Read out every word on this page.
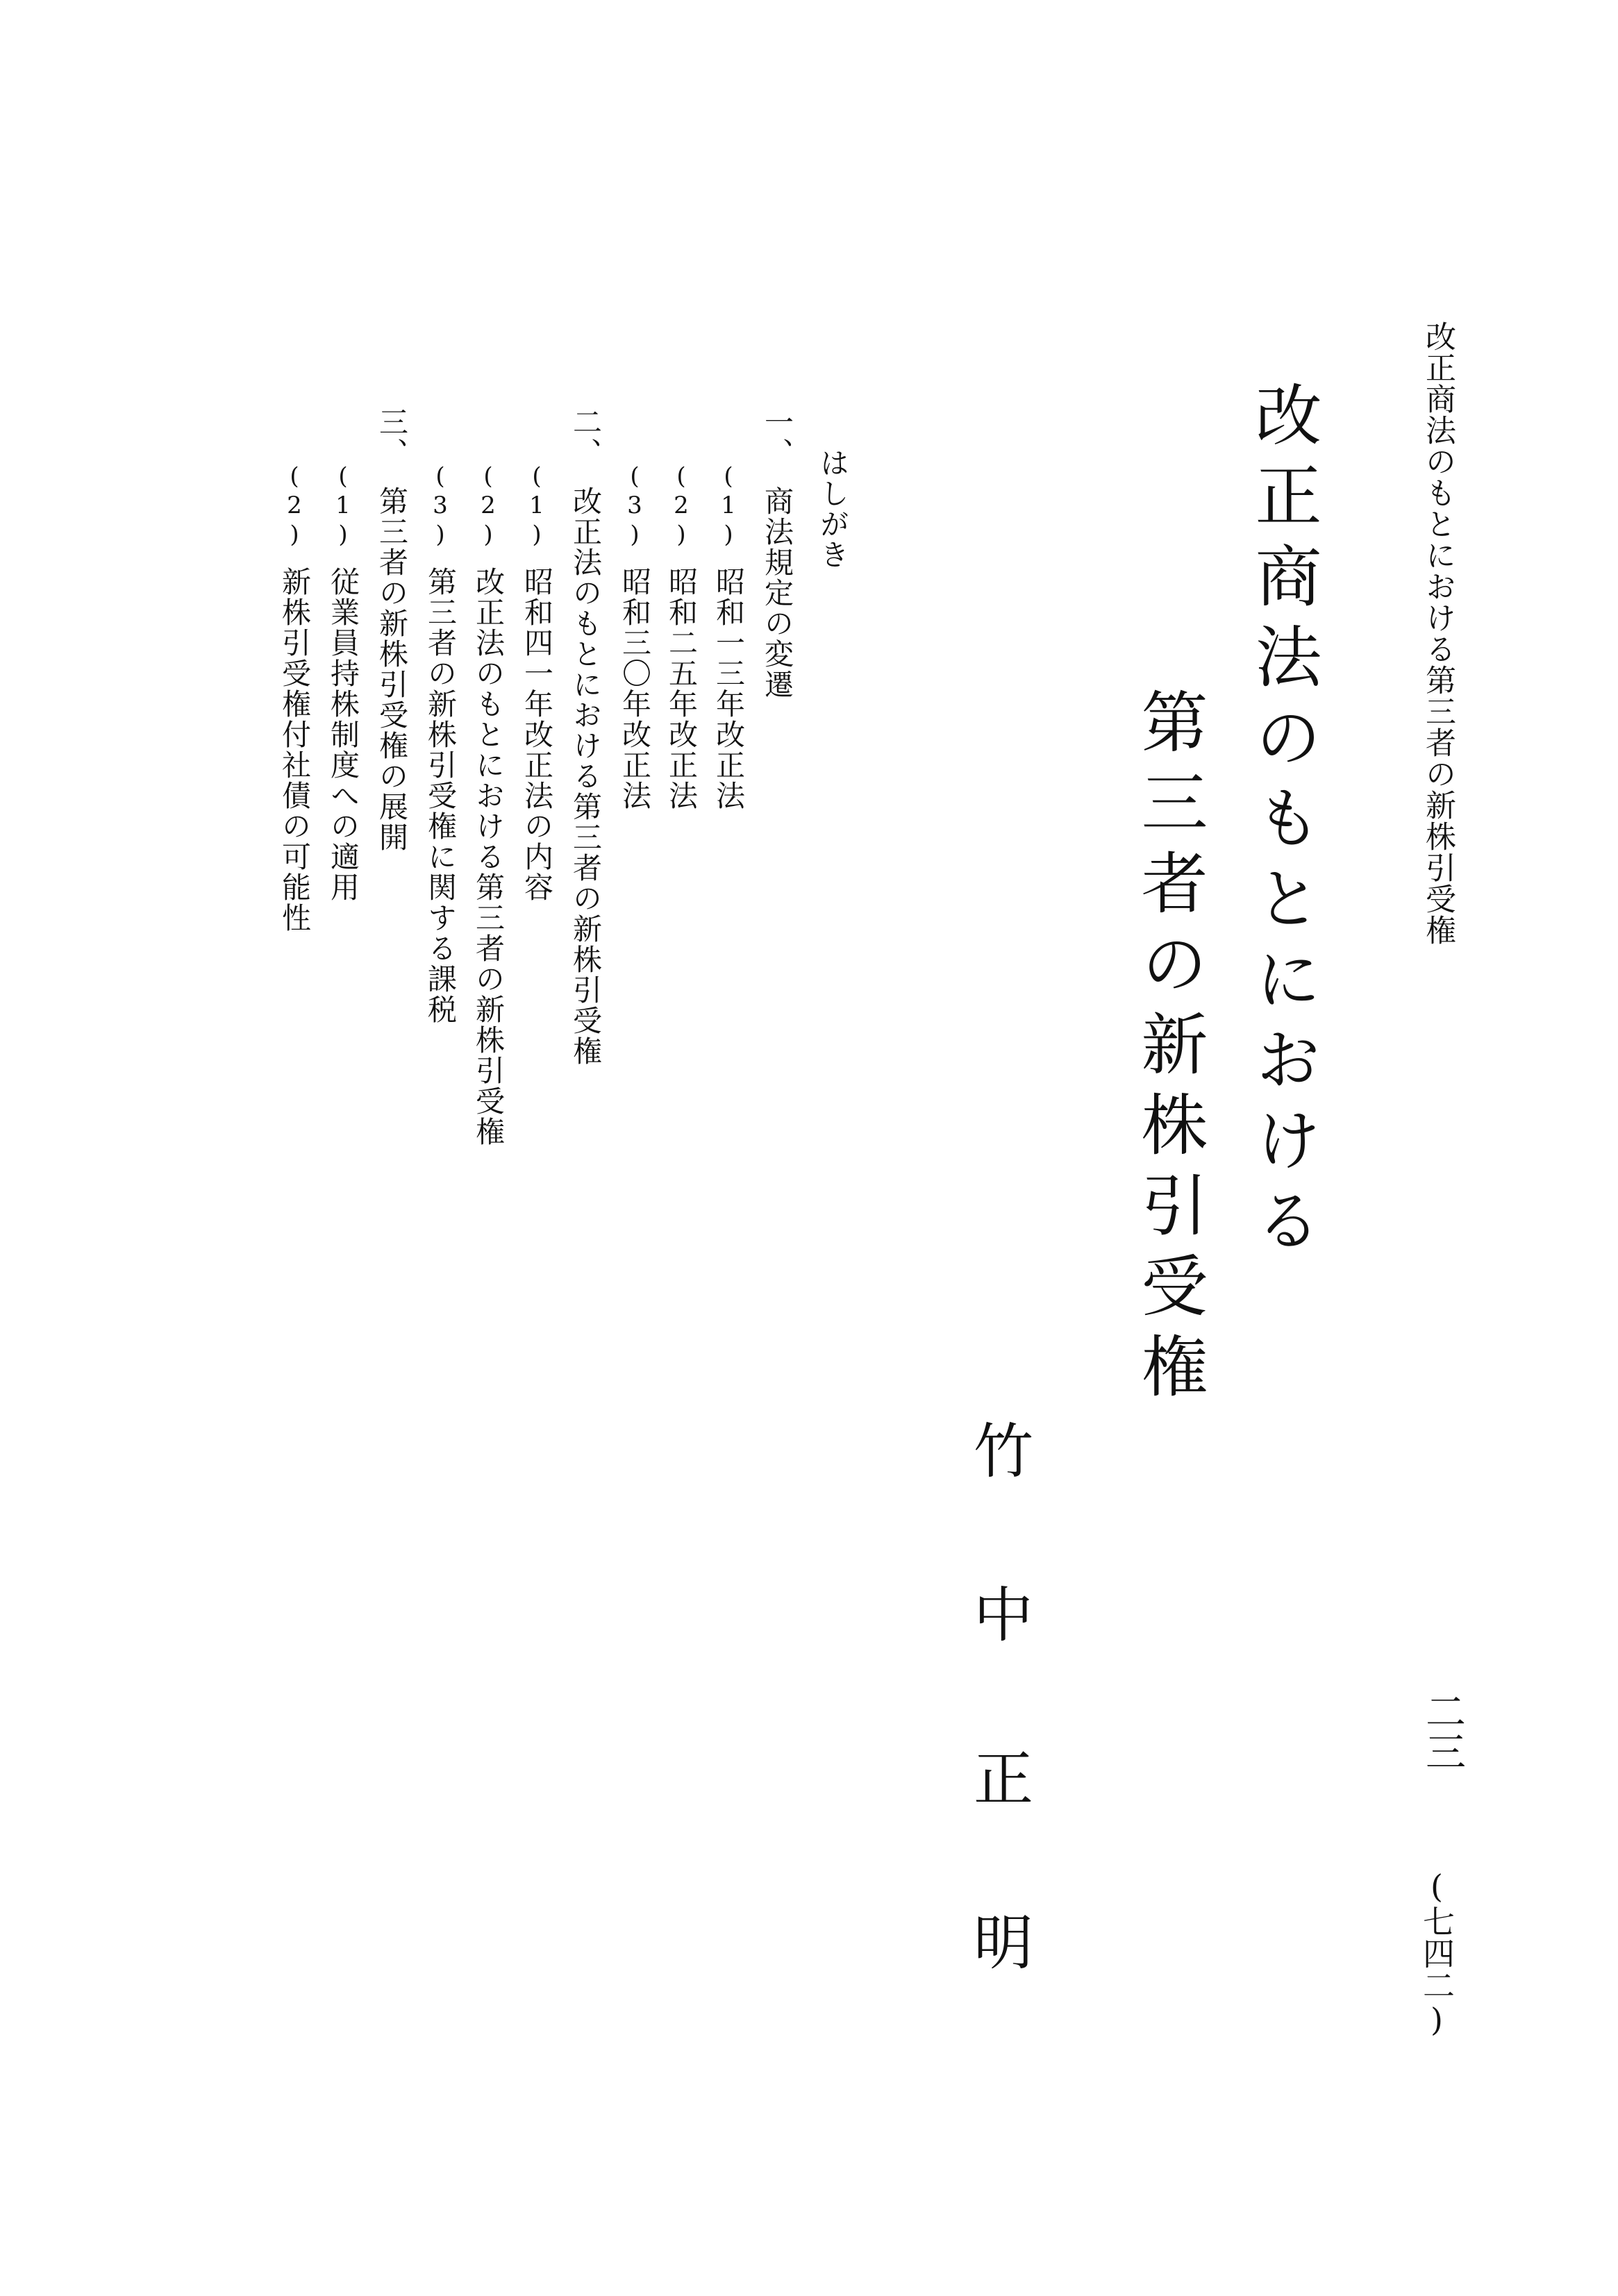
改正商法のもとにおける第三者の新株引受権
二三
(七四二)
改正商法のもとにおける
第三者の新株引受権
竹
中
正
明
はしがき
一、商法規定の変遷
(1)昭和一三年改正法
(2)昭和二五年改正法
(3)昭和三〇年改正法
二、改正法のもとにおける第三者の新株引受権
(1)昭和四一年改正法の内容
(2)改正法のもとにおける第三者の新株引受権
(3)第三者の新株引受権に関する課税
三、第三者の新株引受権の展開
(1)従業員持株制度への適用
(2)新株引受権付社債の可能性
